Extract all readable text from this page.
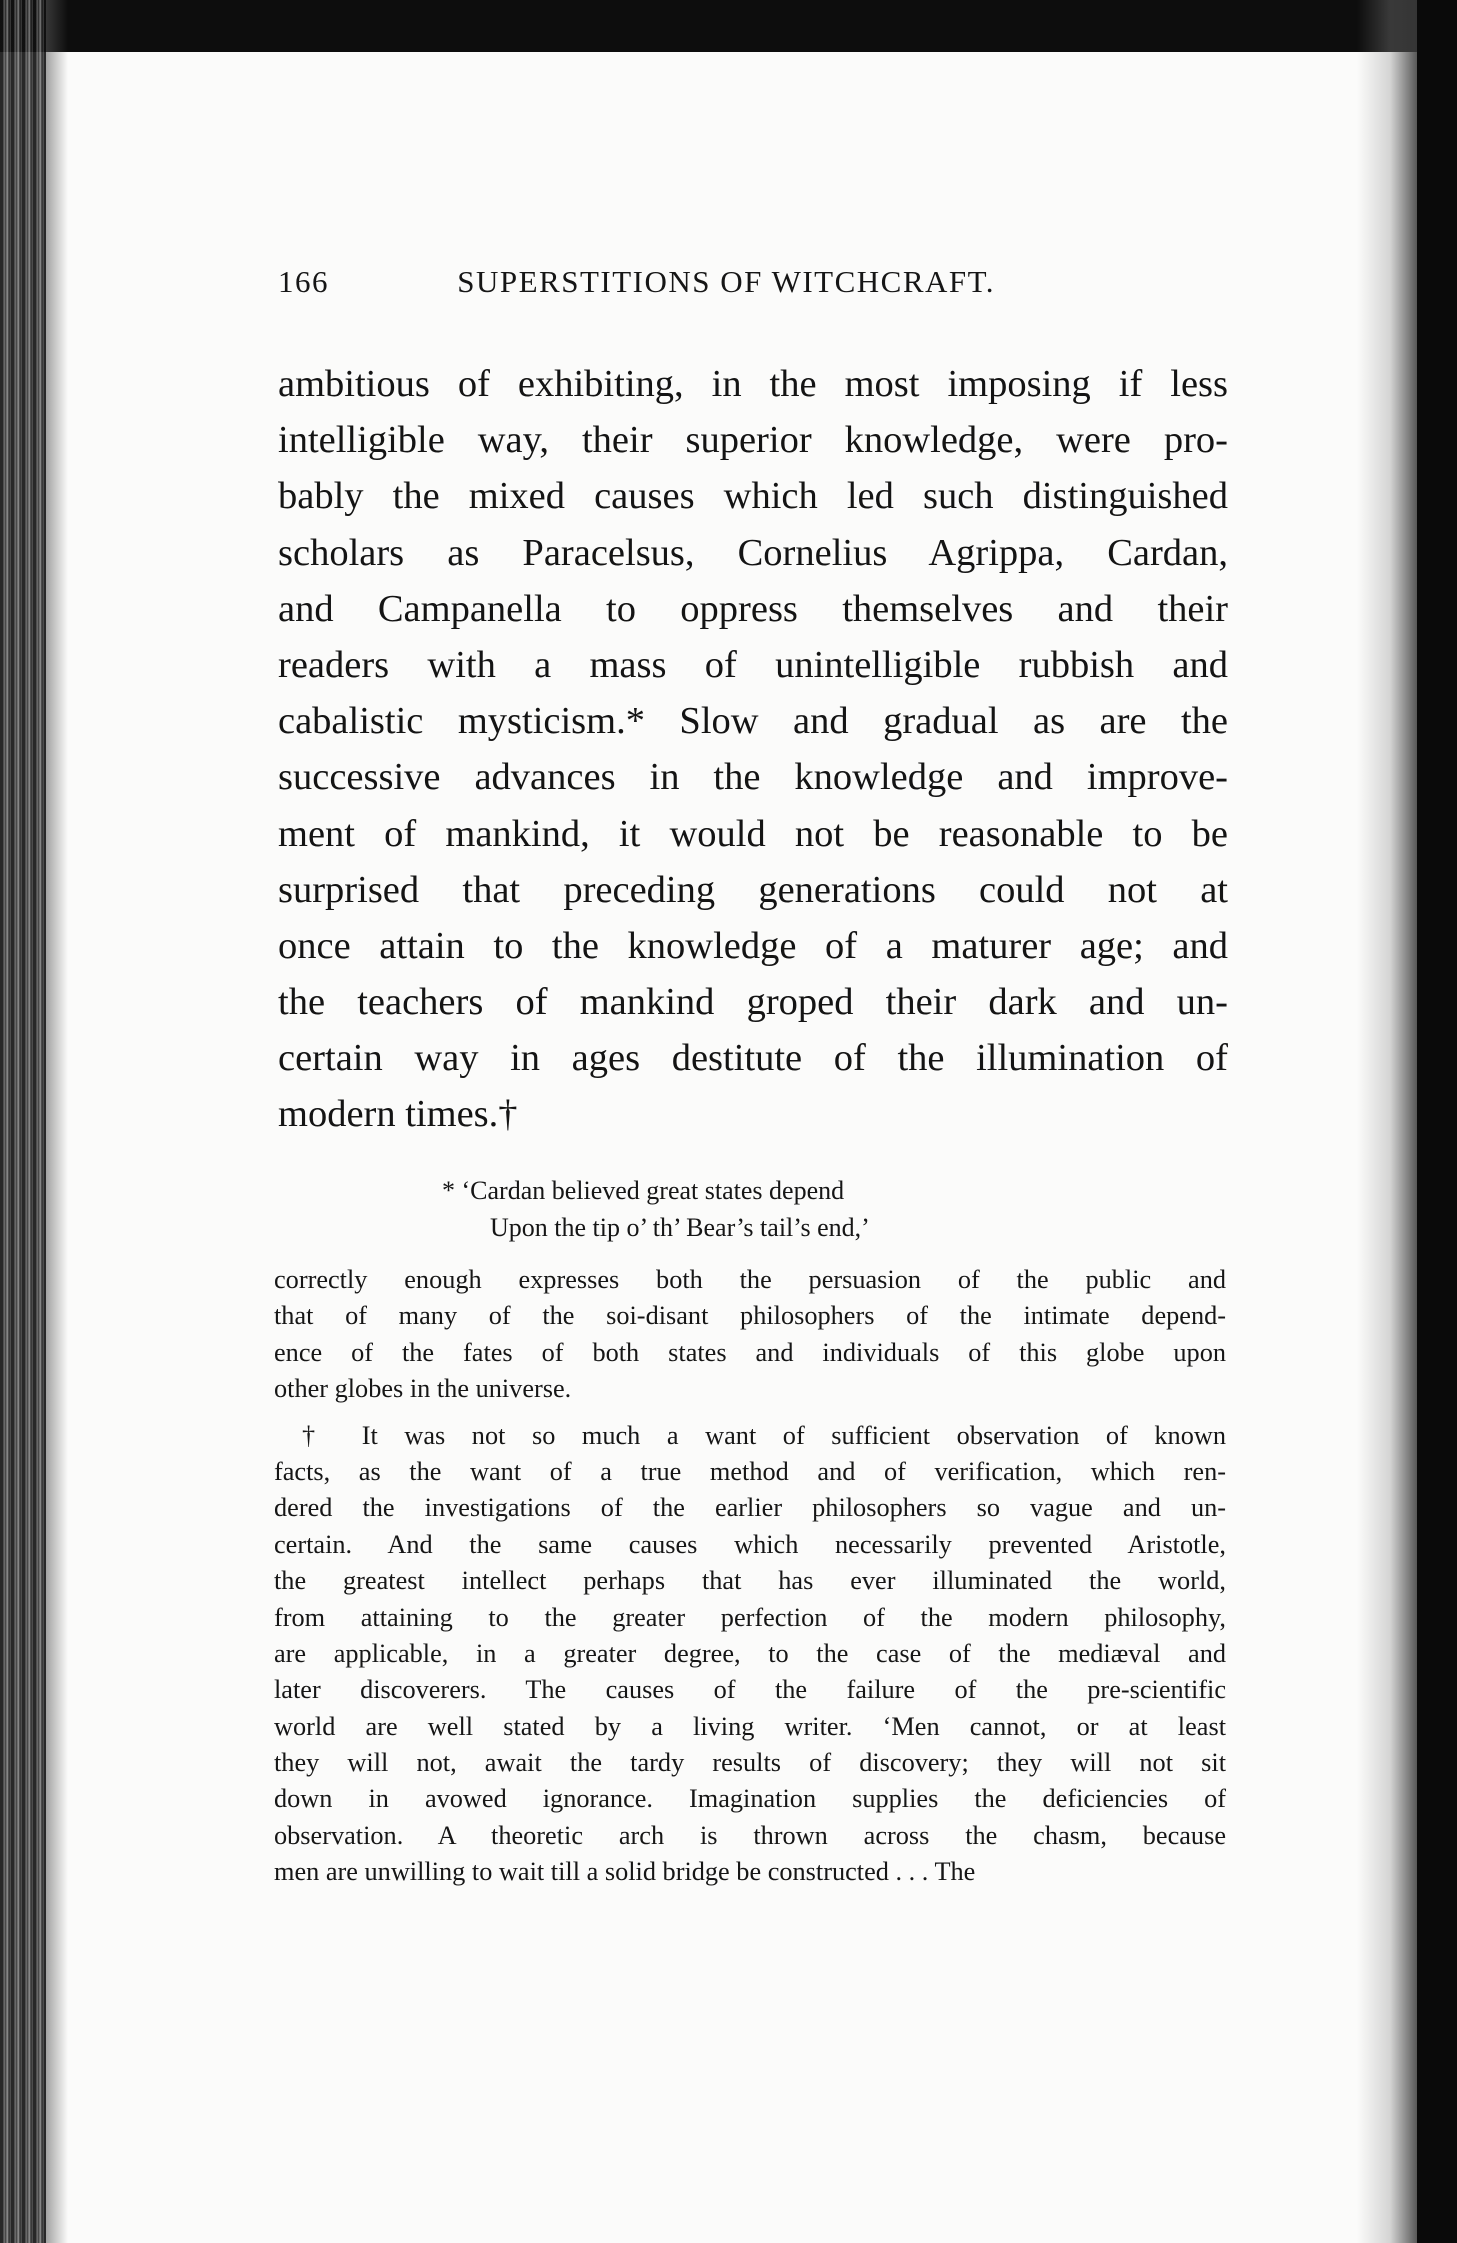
166	SUPERSTITIONS OF WITCHCRAFT.
ambitious of exhibiting, in the most imposing if less
intelligible way, their superior knowledge, were pro-
bably the mixed causes which led such distinguished
scholars as Paracelsus, Cornelius Agrippa, Cardan,
and Campanella to oppress themselves and their
readers with a mass of unintelligible rubbish and
cabalistic mysticism.* Slow and gradual as are the
successive advances in the knowledge and improve-
ment of mankind, it would not be reasonable to be
surprised that preceding generations could not at
once attain to the knowledge of a maturer age; and
the teachers of mankind groped their dark and un-
certain way in ages destitute of the illumination of
modern times.†
* ‘Cardan believed great states depend
Upon the tip o’ th’ Bear’s tail’s end,’
correctly enough expresses both the persuasion of the public and
that of many of the soi-disant philosophers of the intimate depend-
ence of the fates of both states and individuals of this globe upon
other globes in the universe.
† It was not so much a want of sufficient observation of known
facts, as the want of a true method and of verification, which ren-
dered the investigations of the earlier philosophers so vague and un-
certain. And the same causes which necessarily prevented Aristotle,
the greatest intellect perhaps that has ever illuminated the world,
from attaining to the greater perfection of the modern philosophy,
are applicable, in a greater degree, to the case of the mediæval and
later discoverers. The causes of the failure of the pre-scientific
world are well stated by a living writer. ‘Men cannot, or at least
they will not, await the tardy results of discovery; they will not sit
down in avowed ignorance. Imagination supplies the deficiencies of
observation. A theoretic arch is thrown across the chasm, because
men are unwilling to wait till a solid bridge be constructed . . . The
